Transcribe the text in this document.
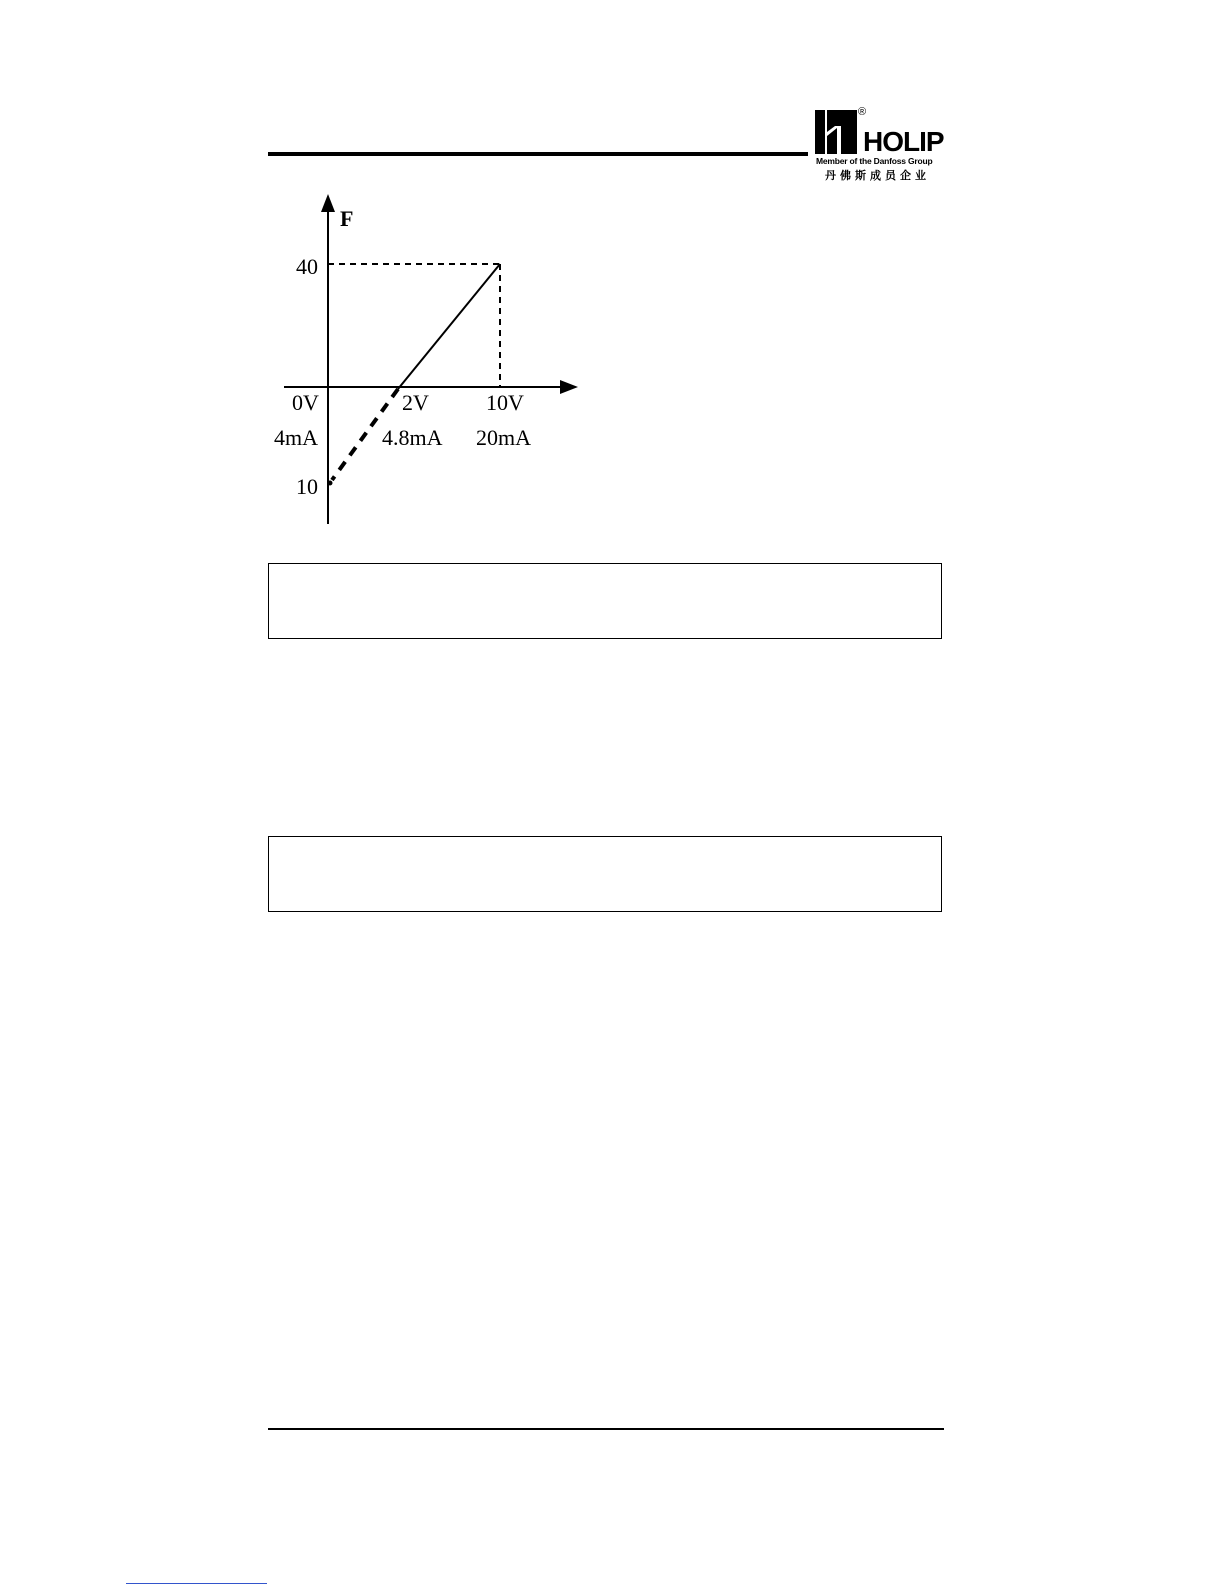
®
HOLIP
Member of the Danfoss Group
丹佛斯成员企业
F
40
10
0V
4mA
2V
4.8mA
10V
20mA
